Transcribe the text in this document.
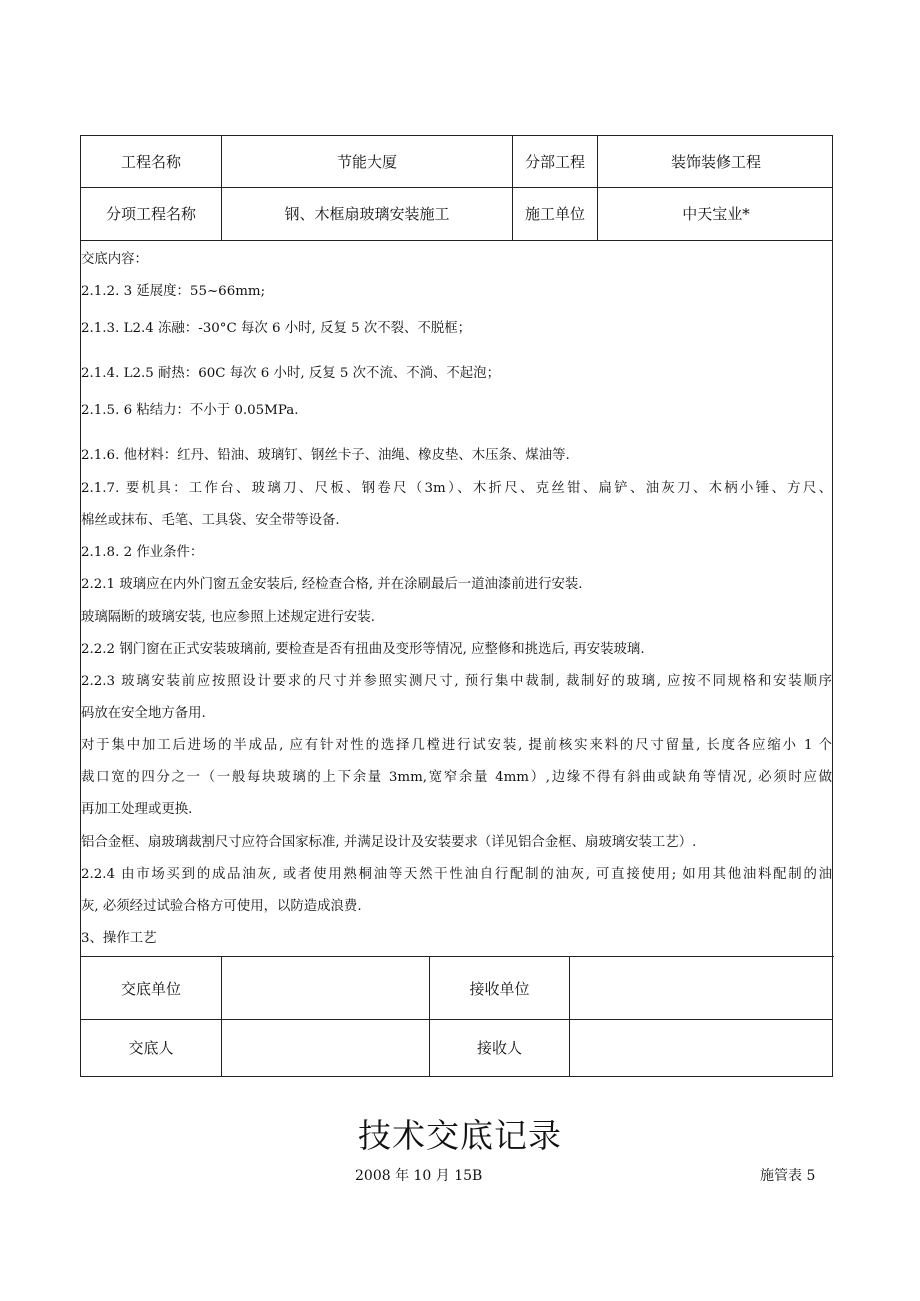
工程名称	节能大厦	分部工程	装饰装修工程
分项工程名称	钢、木框扇玻璃安装施工	施工单位	中天宝业*
交底内容：
2.1.2. 3 延展度：55~66mm;
2.1.3. L2.4 冻融：-30°C 每次 6 小时, 反复 5 次不裂、不脱框；
2.1.4. L2.5 耐热：60C 每次 6 小时, 反复 5 次不流、不淌、不起泡；
2.1.5. 6 粘结力：不小于 0.05MPa.
2.1.6. 他材料：红丹、铅油、玻璃钉、钢丝卡子、油绳、橡皮垫、木压条、煤油等.
2.1.7. 要机具：工作台、玻璃刀、尺板、钢卷尺（3m）、木折尺、克丝钳、扁铲、油灰刀、木柄小锤、方尺、
棉丝或抹布、毛笔、工具袋、安全带等设备.
2.1.8. 2 作业条件：
2.2.1 玻璃应在内外门窗五金安装后, 经检查合格, 并在涂刷最后一道油漆前进行安装.
玻璃隔断的玻璃安装, 也应参照上述规定进行安装.
2.2.2 钢门窗在正式安装玻璃前, 要检查是否有扭曲及变形等情况, 应整修和挑选后, 再安装玻璃.
2.2.3 玻璃安装前应按照设计要求的尺寸并参照实测尺寸, 预行集中裁制, 裁制好的玻璃, 应按不同规格和安装顺序
码放在安全地方备用.
对于集中加工后进场的半成品, 应有针对性的选择几樘进行试安装, 提前核实来料的尺寸留量, 长度各应缩小 1 个
裁口宽的四分之一（一般每块玻璃的上下余量 3mm,宽窄余量 4mm）,边缘不得有斜曲或缺角等情况, 必须时应做
再加工处理或更换.
铝合金框、扇玻璃裁割尺寸应符合国家标准, 并满足设计及安装要求（详见铝合金框、扇玻璃安装工艺）.
2.2.4 由市场买到的成品油灰, 或者使用熟桐油等天然干性油自行配制的油灰, 可直接使用; 如用其他油料配制的油
灰, 必须经过试验合格方可使用，以防造成浪费.
3、操作工艺
交底单位	接收单位
交底人	接收人
技术交底记录
2008 年 10 月 15B	施管表 5
